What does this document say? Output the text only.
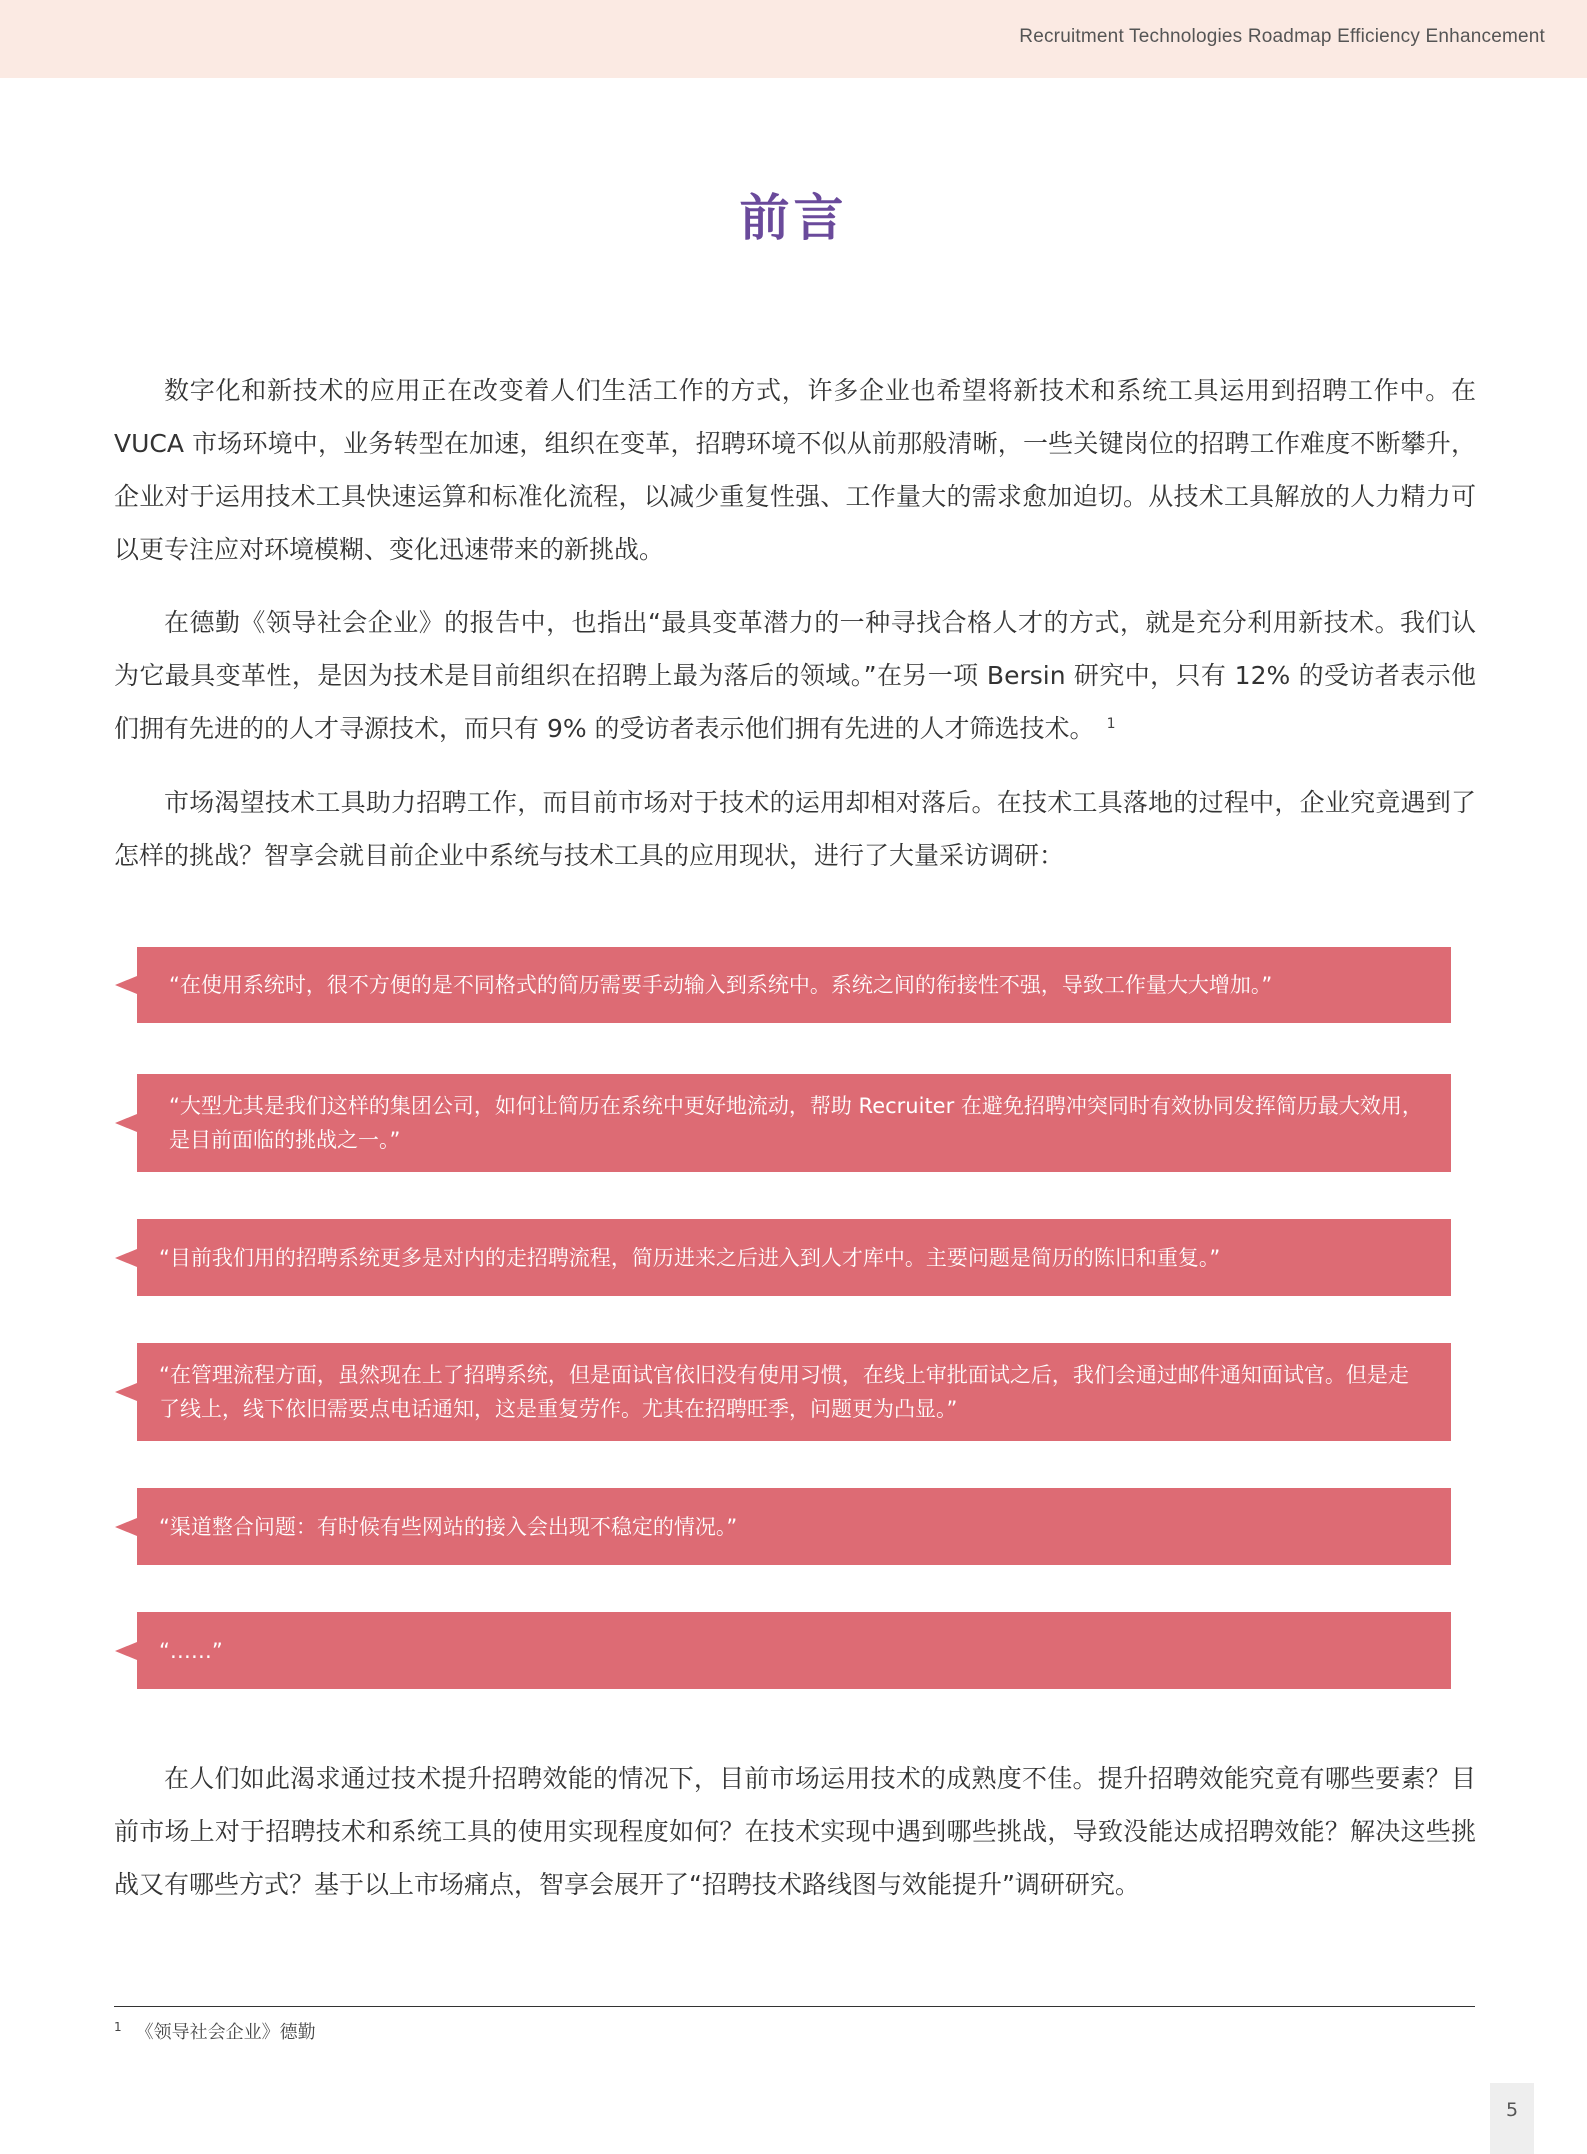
Recruitment Technologies Roadmap Efficiency Enhancement
前言

数字化和新技术的应用正在改变着人们生活工作的方式，许多企业也希望将新技术和系统工具运用到招聘工作中。在 VUCA 市场环境中，业务转型在加速，组织在变革，招聘环境不似从前那般清晰，一些关键岗位的招聘工作难度不断攀升，企业对于运用技术工具快速运算和标准化流程，以减少重复性强、工作量大的需求愈加迫切。从技术工具解放的人力精力可以更专注应对环境模糊、变化迅速带来的新挑战。

在德勤《领导社会企业》的报告中，也指出“最具变革潜力的一种寻找合格人才的方式，就是充分利用新技术。我们认为它最具变革性，是因为技术是目前组织在招聘上最为落后的领域。”在另一项 Bersin 研究中，只有 12% 的受访者表示他们拥有先进的的人才寻源技术，而只有 9% 的受访者表示他们拥有先进的人才筛选技术。 $^1$

市场渴望技术工具助力招聘工作，而目前市场对于技术的运用却相对落后。在技术工具落地的过程中，企业究竟遇到了怎样的挑战？智享会就目前企业中系统与技术工具的应用现状，进行了大量采访调研：

“在使用系统时，很不方便的是不同格式的简历需要手动输入到系统中。系统之间的衔接性不强，导致工作量大大增加。”
“大型尤其是我们这样的集团公司，如何让简历在系统中更好地流动，帮助 Recruiter 在避免招聘冲突同时有效协同发挥简历最大效用，是目前面临的挑战之一。”
“目前我们用的招聘系统更多是对内的走招聘流程，简历进来之后进入到人才库中。主要问题是简历的陈旧和重复。”
“在管理流程方面，虽然现在上了招聘系统，但是面试官依旧没有使用习惯，在线上审批面试之后，我们会通过邮件通知面试官。但是走了线上，线下依旧需要点电话通知，这是重复劳作。尤其在招聘旺季，问题更为凸显。”
“渠道整合问题：有时候有些网站的接入会出现不稳定的情况。”
“……”

在人们如此渴求通过技术提升招聘效能的情况下，目前市场运用技术的成熟度不佳。提升招聘效能究竟有哪些要素？目前市场上对于招聘技术和系统工具的使用实现程度如何？在技术实现中遇到哪些挑战，导致没能达成招聘效能？解决这些挑战又有哪些方式？基于以上市场痛点，智享会展开了“招聘技术路线图与效能提升”调研研究。

$^1$ 《领导社会企业》德勤
5
